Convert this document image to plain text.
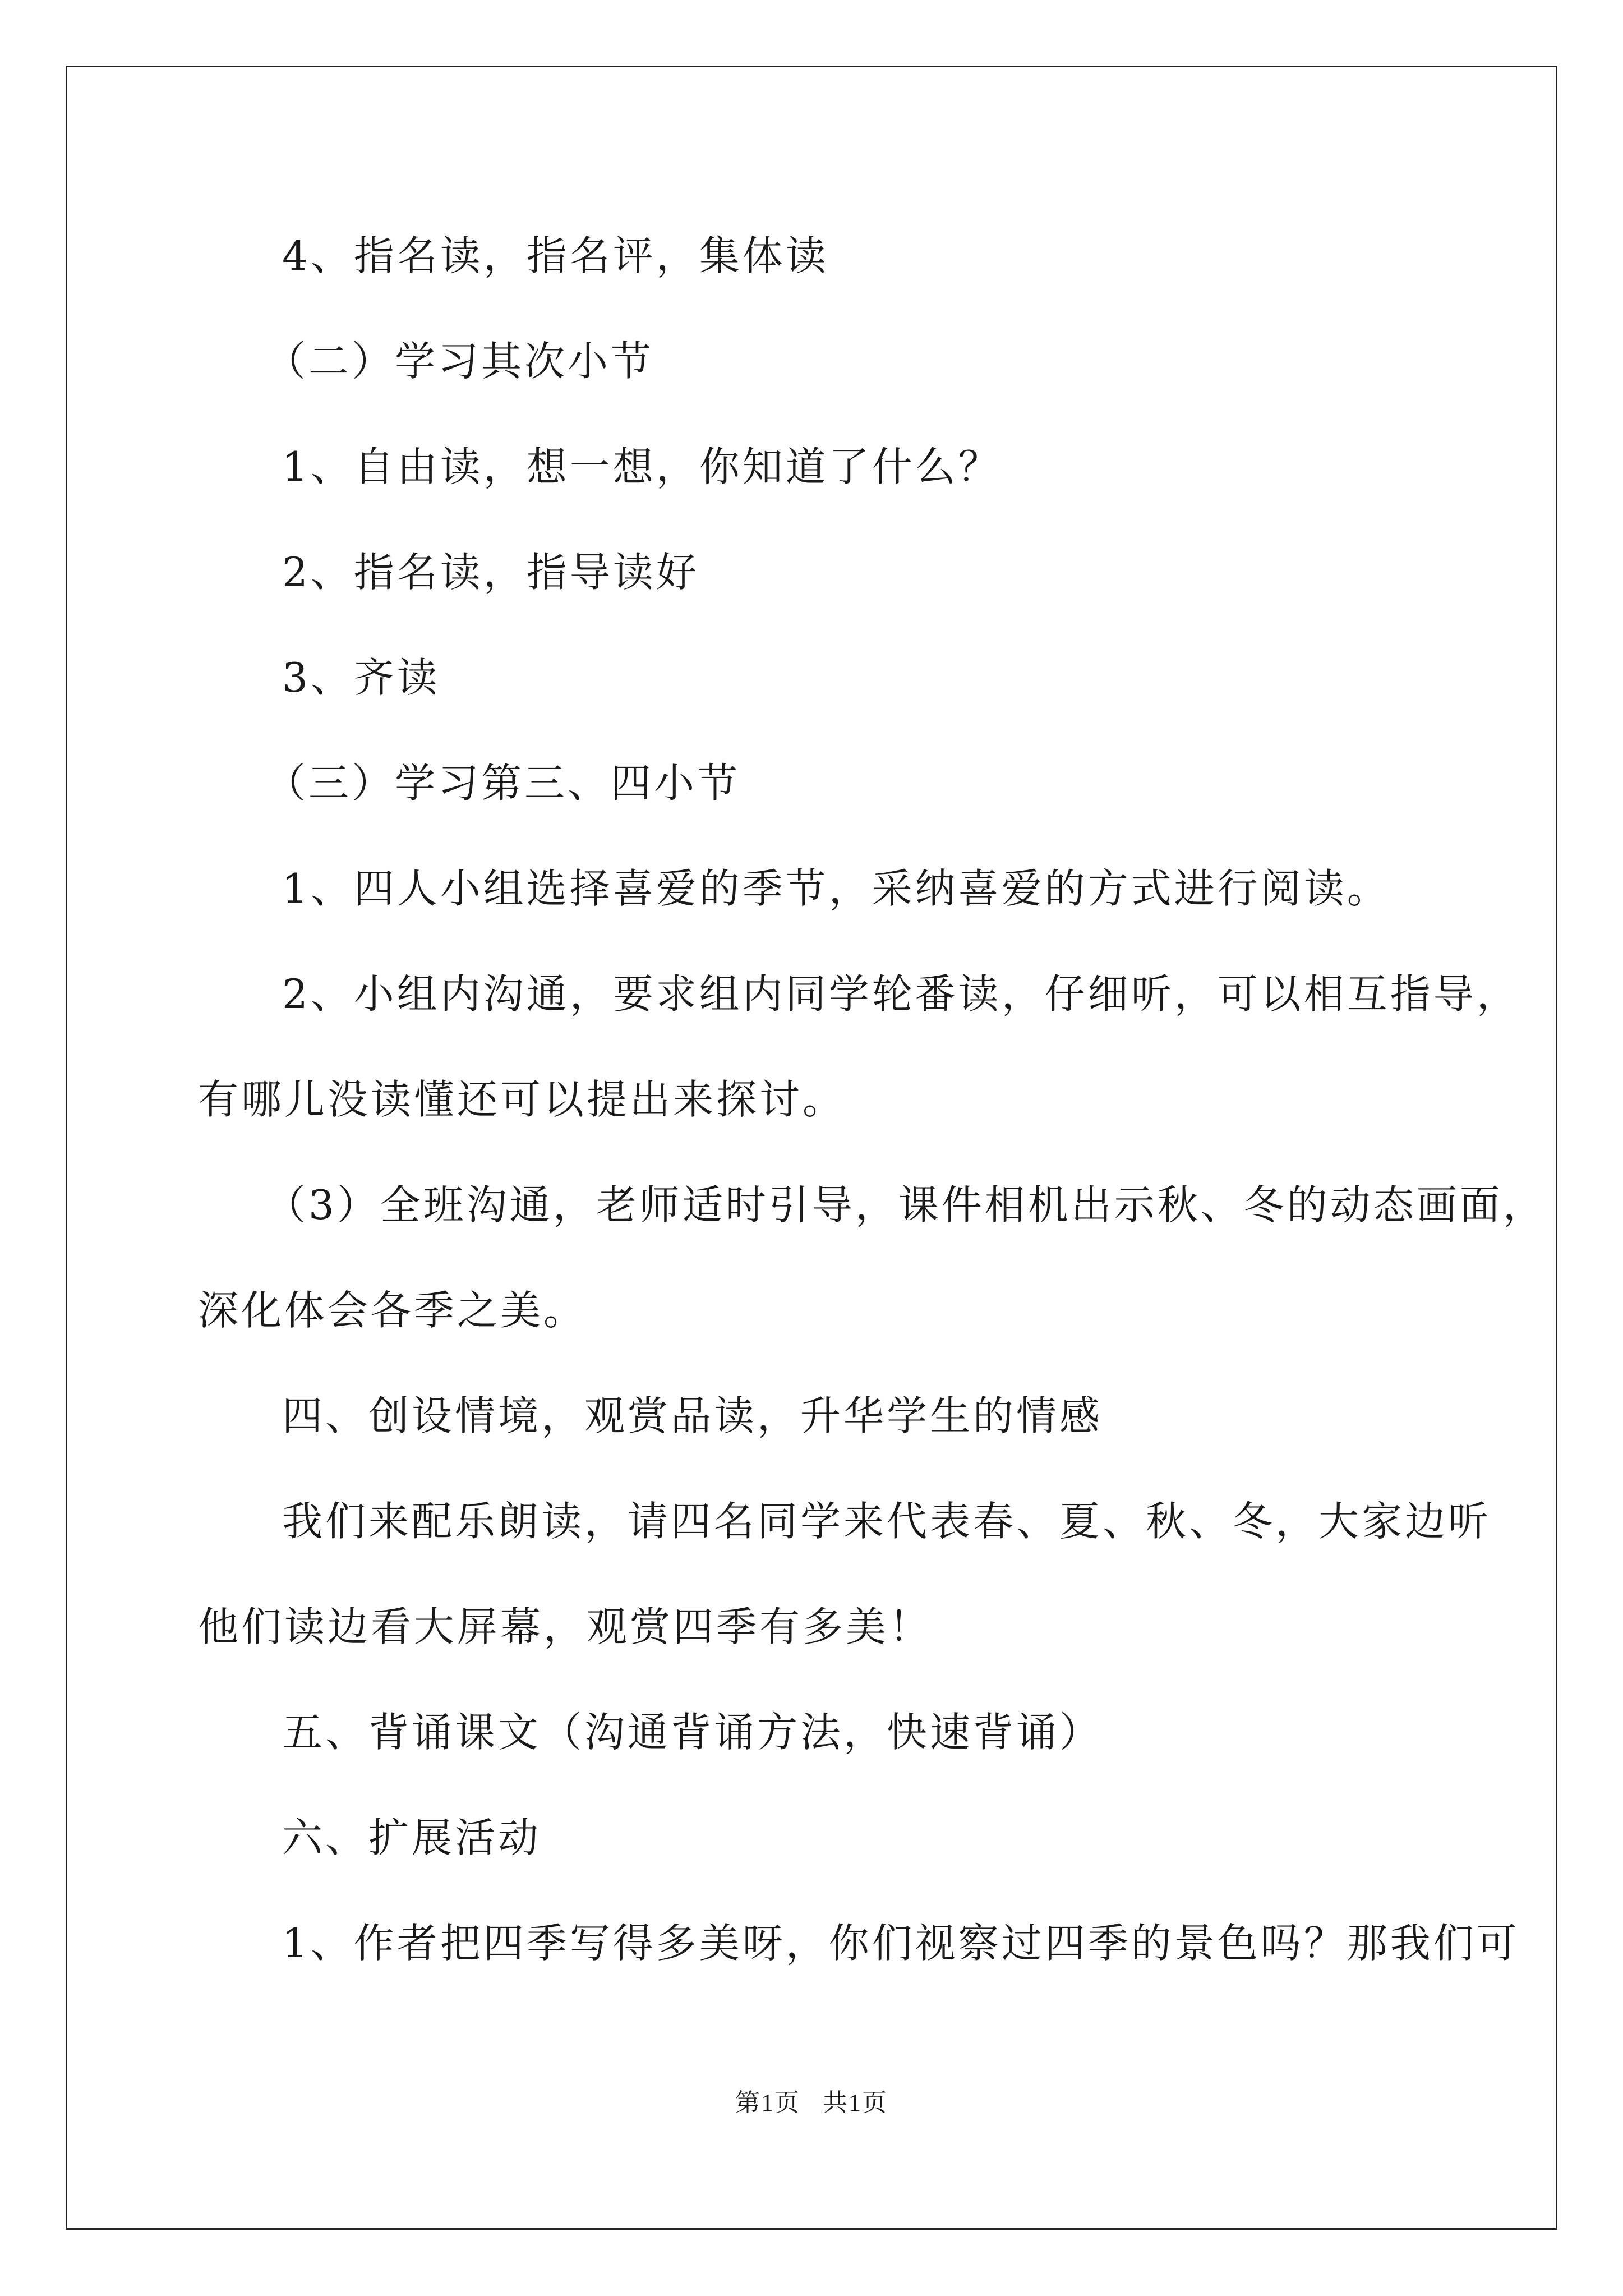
4、指名读，指名评，集体读

（二）学习其次小节

1、自由读，想一想，你知道了什么？

2、指名读，指导读好

3、齐读

（三）学习第三、四小节

1、四人小组选择喜爱的季节，采纳喜爱的方式进行阅读。

2、小组内沟通，要求组内同学轮番读，仔细听，可以相互指导，

有哪儿没读懂还可以提出来探讨。

（3）全班沟通，老师适时引导，课件相机出示秋、冬的动态画面，

深化体会各季之美。

四、创设情境，观赏品读，升华学生的情感

我们来配乐朗读，请四名同学来代表春、夏、秋、冬，大家边听

他们读边看大屏幕，观赏四季有多美！

五、背诵课文（沟通背诵方法，快速背诵）

六、扩展活动

1、作者把四季写得多美呀，你们视察过四季的景色吗？那我们可

第1页 共1页
